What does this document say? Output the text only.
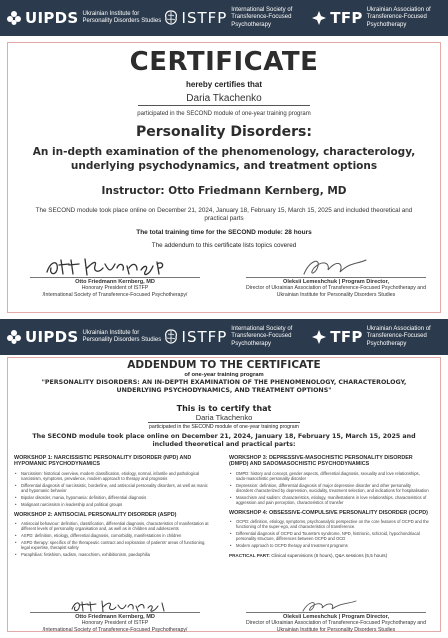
UIPDS Ukrainian Institute for Personality Disorders Studies ISTFP International Society of Transference-Focused Psychotherapy	TFP Ukrainian Association of Transference-Focused Psychotherapy
CERTIFICATE
hereby certifies that
Daria Tkachenko
participated in the SECOND module of one-year training program
Personality Disorders:
An in-depth examination of the phenomenology, characterology, underlying psychodynamics, and treatment options
Instructor: Otto Friedmann Kernberg, MD
The SECOND module took place online on December 21, 2024, January 18, February 15, March 15, 2025 and included theoretical and practical parts
The total training time for the SECOND module: 28 hours
The addendum to this certificate lists topics covered
Otto Friedmann Kernberg, MD
Honorary President of ISTFP
/International Society of Transference-Focused Psychotherapy/
Oleksii Lemeshchuk | Program Director,
Director of Ukrainian Association of Transference-Focused Psychotherapy and
Ukrainian Institute for Personality Disorders Studies
UIPDS Ukrainian Institute for Personality Disorders Studies ISTFP International Society of Transference-Focused Psychotherapy	TFP Ukrainian Association of Transference-Focused Psychotherapy
ADDENDUM TO THE CERTIFICATE
of one-year training program
"PERSONALITY DISORDERS: AN IN-DEPTH EXAMINATION OF THE PHENOMENOLOGY, CHARACTEROLOGY, UNDERLYING PSYCHODYNAMICS, AND TREATMENT OPTIONS"
This is to certify that
Daria Tkachenko
participated in the SECOND module of one-year training program
The SECOND module took place online on December 21, 2024, January 18, February 15, March 15, 2025 and included theoretical and practical parts:
WORKSHOP 1: NARCISSISTIC PERSONALITY DISORDER (NPD) AND HYPOMANIC PSYCHODYNAMICS
• Narcissism: historical overview, modern classification, etiology, normal, infantile and pathological narcissism, symptoms, prevalence, modern approach to therapy and prognosis
• Differential diagnosis of narcissistic, borderline, and antisocial personality disorders, as well as manic and hypomanic behavior
• Bipolar disorder, mania, hypomania: definition, differential diagnosis
• Malignant narcissism in leadership and political groups
WORKSHOP 2: ANTISOCIAL PERSONALITY DISORDER (ASPD)
• Antisocial behaviour: definition, classification, differential diagnosis, characteristics of manifestation at different levels of personality organisation and, as well as in children and adolescents
• ASPD: definition, etiology, differential diagnosis, comorbidity, manifestations in children
• ASPD therapy: specifics of the therapeutic contract and exploration of patients' areas of functioning, legal expertise, therapist safety
• Paraphilias: fetishism, sadism, masochism, exhibitionism, paedophilia
WORKSHOP 3: DEPRESSIVE-MASOCHISTIC PERSONALITY DISORDER (DMPD) AND SADOMASOCHISTIC PSYCHODYNAMICS
• DMPD: history and concept, gender aspects, differential diagnosis, sexuality and love relationships, sado-masochistic personality disorder
• Depression: definition, differential diagnosis of major depressive disorder and other personality disorders characterized by depression, suicidality, treatment selection, and indications for hospitalisation
• Masochism and sadism: characteristics, etiology, manifestations in love relationships, characteristics of aggression and pain perception, characteristics of transfer
WORKSHOP 4: OBSESSIVE-COMPULSIVE PERSONALITY DISORDER (OCPD)
• OCPD: definition, etiology, symptoms, psychoanalytic perspective on the core features of OCPD and the functioning of the super-ego, and characteristics of transference.
• Differential diagnosis of OCPD and Tourette's syndrome, NPD, histrionic, schizoid, hypochondriacal personality structure, differences between OCPD and OCD
• Modern approach to OCPD therapy and treatment programs
PRACTICAL PART: Clinical supervisions (8 hours), Q&A sessions (5,5 hours)
Otto Friedmann Kernberg, MD
Honorary President of ISTFP
/International Society of Transference-Focused Psychotherapy/
Oleksii Lemeshchuk | Program Director,
Director of Ukrainian Association of Transference-Focused Psychotherapy and
Ukrainian Institute for Personality Disorders Studies
